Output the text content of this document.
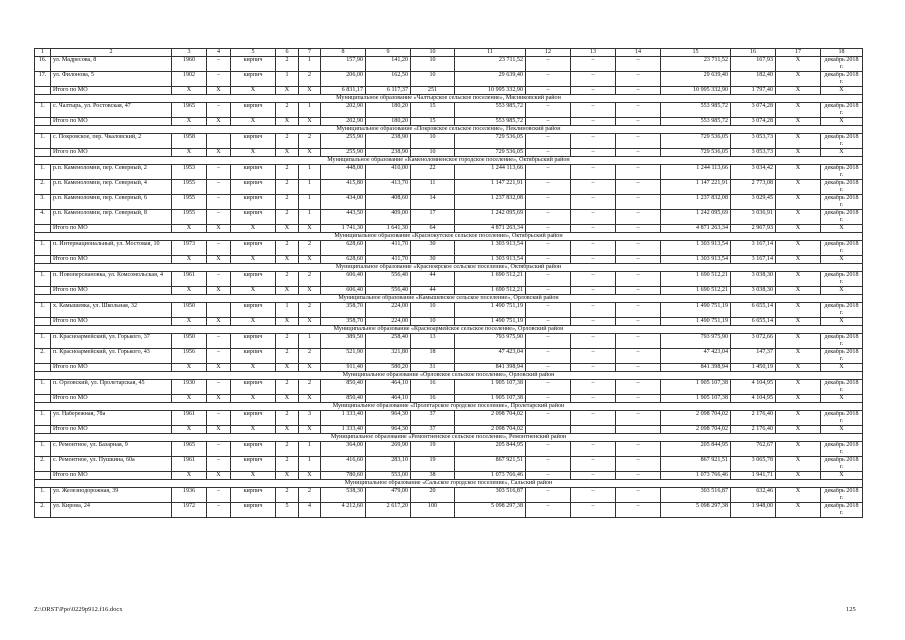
1	2	3	4	5	6	7	8	9	10	11	12	13	14	15	16	17	18
16.	ул. Мадресова, 8	1960	–	кирпич	2	1	157,90	141,20	10	23 711,52	–	–	–	23 711,52	167,93	X	декабрь 2018 г.
17.	ул. Филонова, 5	1902	–	кирпич	1	2	206,00	162,50	10	29 639,40	–	–	–	29 639,40	182,40	X	декабрь 2018 г.
	Итого по МО	X	X	X	X	X	6 831,17	6 117,37	251	10 995 332,90	–	–	–	10 995 332,90	1 797,40	X	X
Муниципальное образование «Чалтырское сельское поселение», Мясниковский район																	
1.	с. Чалтырь, ул. Ростовская, 47	1965	–	кирпич	2	1	202,90	180,20	15	553 985,72	–	–	–	553 985,72	3 074,28	X	декабрь 2018 г.
	Итого по МО	X	X	X	X	X	202,90	180,20	15	553 985,72	–	–	–	553 985,72	3 074,28	X	X
Муниципальное образование «Покровское сельское поселение», Неклиновский район																	
1.	с. Покровское, пер. Чкаловский, 2	1958		кирпич	2	2	255,90	238,90	10	729 536,05	–	–	–	729 536,05	3 053,73	X	декабрь 2018 г.
	Итого по МО	X	X	X	X	X	255,90	238,90	10	729 536,05	–	–	–	729 536,05	3 053,73	X	X
Муниципальное образование «Каменоломненское городское поселение», Октябрьский район																	
1.	р.п. Каменоломни, пер. Северный, 2	1953	–	кирпич	2	1	448,00	410,00	22	1 244 113,66	–	–	–	1 244 113,66	3 034,42	X	декабрь 2018 г.
2.	р.п. Каменоломни, пер. Северный, 4	1955	–	кирпич	2	1	415,80	413,70	11	1 147 221,91	–	–	–	1 147 221,91	2 773,08	X	декабрь 2018 г.
3.	р.п. Каменоломни, пер. Северный, 6	1955	–	кирпич	2	1	434,00	408,60	14	1 237 832,08	–	–	–	1 237 832,08	3 029,45	X	декабрь 2018 г.
4.	р.п. Каменоломни, пер. Северный, 8	1955	–	кирпич	2	1	443,50	409,00	17	1 242 095,69	–	–	–	1 242 095,69	3 036,91	X	декабрь 2018 г.
	Итого по МО	X	X	X	X	X	1 741,30	1 641,30	64	4 871 263,34	–	–	–	4 871 263,34	2 967,93	X	X
Муниципальное образование «Краснокутское сельское поселение», Октябрьский район																	
1.	п. Интернациональный, ул. Мостовая, 10	1973	–	кирпич	2	2	628,60	411,70	30	1 303 913,54	–	–	–	1 303 913,54	3 167,14	X	декабрь 2018 г.
	Итого по МО	X	X	X	X	X	628,60	411,70	30	1 303 913,54	–	–	–	1 303 913,54	3 167,14	X	X
Муниципальное образование «Красноярское сельское поселение», Октябрьский район																	
1.	п. Новоперсиановка, ул. Комсомольская, 4	1961	–	кирпич	2	2	606,40	556,40	44	1 690 512,21	–	–	–	1 690 512,21	3 038,30	X	декабрь 2018 г.
	Итого по МО	X	X	X	X	X	606,40	556,40	44	1 690 512,21	–	–	–	1 690 512,21	3 038,30	X	X
Муниципальное образование «Камышевское сельское поселение», Орловский район																	
1.	х. Камышевка, ул. Школьная, 32	1950		кирпич	1	2	358,70	224,00	10	1 490 751,19	–	–	–	1 490 751,19	6 655,14	X	декабрь 2018 г.
	Итого по МО	X	X	X	X	X	358,70	224,00	10	1 490 751,19	–	–	–	1 490 751,19	6 655,14	X	X
Муниципальное образование «Красноармейское сельское поселение», Орловский район																	
1.	п. Красноармейский, ул. Горького, 37	1950	–	кирпич	2	1	389,50	258,40	13	793 975,90	–	–	–	793 975,90	3 072,66	X	декабрь 2018 г.
2.	п. Красноармейский, ул. Горького, 43	1956	–	кирпич	2	2	521,90	321,80	18	47 423,04	–	–	–	47 423,04	147,37	X	декабрь 2018 г.
	Итого по МО	X	X	X	X	X	911,40	580,20	31	841 398,94	–	–	–	841 398,94	1 450,19	X	X
Муниципальное образование «Орловское сельское поселение», Орловский район																	
1.	п. Орловский, ул. Пролетарская, 45	1930	–	кирпич	2	2	850,40	464,10	16	1 905 107,38	–	–	–	1 905 107,38	4 104,95	X	декабрь 2018 г.
	Итого по МО	X	X	X	X	X	850,40	464,10	16	1 905 107,38	–	–	–	1 905 107,38	4 104,95	X	X
Муниципальное образование «Пролетарское городское поселение», Пролетарский район																	
1.	ул. Набережная, 78а	1961	–	кирпич	2	3	1 333,40	964,30	37	2 098 704,02	–	–	–	2 098 704,02	2 176,40	X	декабрь 2018 г.
	Итого по МО	X	X	X	X	X	1 333,40	964,30	37	2 098 704,02				2 098 704,02	2 176,40	X	X
Муниципальное образование «Ремонтненское сельское поселение», Ремонтненский район																	
1.	с. Ремонтное, ул. Базарная, 9	1965	–	кирпич	2	1	364,00	269,90	19	205 844,95	–	–	–	205 844,95	762,67	X	декабрь 2018 г.
2.	с. Ремонтное, ул. Пушкина, 60а	1961	–	кирпич	2	1	416,60	283,10	19	867 921,51	–	–	–	867 921,51	3 065,78	X	декабрь 2018 г.
	Итого по МО	X	X	X	X	X	780,60	553,00	38	1 073 766,46	–	–	–	1 073 766,46	1 941,71	X	X
Муниципальное образование «Сальское городское поселение», Сальский район																	
1.	ул. Железнодорожная, 39	1936	–	кирпич	2	2	538,30	479,00	20	303 516,87	–	–	–	303 516,87	632,46	X	декабрь 2018 г.
2.	ул. Кирова, 24	1972	–	кирпич	5	4	4 212,60	2 617,20	100	5 098 297,38	–	–	–	5 098 297,38	1 948,00	X	декабрь 2018 г.
Z:\ORST\Ppo\0229p912.f16.docx	125
